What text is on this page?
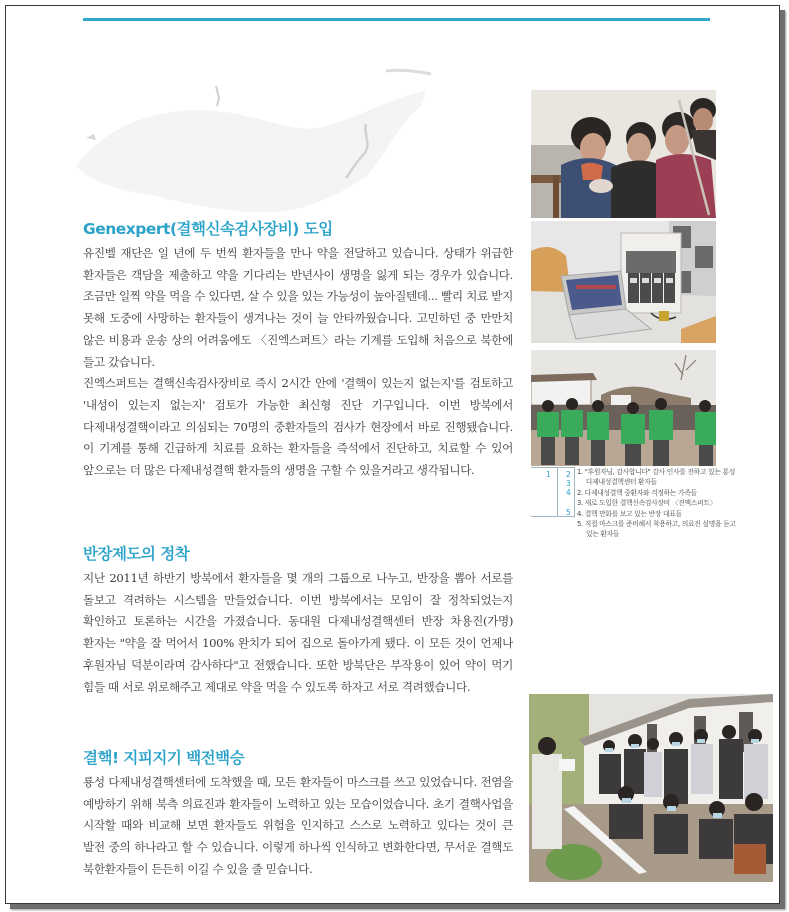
Genexpert(결핵신속검사장비) 도입

유진벨 재단은 일 년에 두 번씩 환자들을 만나 약을 전달하고 있습니다. 상태가 위급한 환자들은 객담을 제출하고 약을 기다리는 반년사이 생명을 잃게 되는 경우가 있습니다. 조금만 일찍 약을 먹을 수 있다면, 살 수 있을 있는 가능성이 높아질텐데... 빨리 치료 받지 못해 도중에 사망하는 환자들이 생겨나는 것이 늘 안타까웠습니다. 고민하던 중 만만치 않은 비용과 운송 상의 어려움에도 〈진엑스퍼트〉라는 기계를 도입해 처음으로 북한에 들고 갔습니다.

진엑스퍼트는 결핵신속검사장비로 즉시 2시간 안에 '결핵이 있는지 없는지'를 검토하고 '내성이 있는지 없는지' 검토가 가능한 최신형 진단 기구입니다. 이번 방북에서 다제내성결핵이라고 의심되는 70명의 중환자들의 검사가 현장에서 바로 진행됐습니다. 이 기계를 통해 긴급하게 치료를 요하는 환자들을 즉석에서 진단하고, 치료할 수 있어 앞으로는 더 많은 다제내성결핵 환자들의 생명을 구할 수 있을거라고 생각됩니다.

반장제도의 정착

지난 2011년 하반기 방북에서 환자들을 몇 개의 그룹으로 나누고, 반장을 뽑아 서로를 돌보고 격려하는 시스템을 만들었습니다. 이번 방북에서는 모임이 잘 정착되었는지 확인하고 토론하는 시간을 가졌습니다. 동대원 다제내성결핵센터 반장 차용진(가명)환자는 "약을 잘 먹어서 100% 완치가 되어 집으로 돌아가게 됐다. 이 모든 것이 언제나 후원자님 덕분이라며 감사하다"고 전했습니다. 또한 방북단은 부작용이 있어 약이 먹기 힘들 때 서로 위로해주고 제대로 약을 먹을 수 있도록 하자고 서로 격려했습니다.

결핵! 지피지기 백전백승

룡성 다제내성결핵센터에 도착했을 때, 모든 환자들이 마스크를 쓰고 있었습니다. 전염을 예방하기 위해 북측 의료진과 환자들이 노력하고 있는 모습이었습니다. 초기 결핵사업을 시작할 때와 비교해 보면 환자들도 위험을 인지하고 스스로 노력하고 있다는 것이 큰 발전 중의 하나라고 할 수 있습니다. 이렇게 하나씩 인식하고 변화한다면, 무서운 결핵도 북한환자들이 든든히 이길 수 있을 줄 믿습니다.

1 2
3
4
5
1. "후원자님, 감사합니다" 감사 인사를 전하고 있는 룡성 다제내성결핵센터 환자들
2. 다제내성결핵 중환자와 걱정하는 가족들
3. 새로 도입한 결핵신속검사장비 〈진엑스퍼트〉
4. 결핵 만화를 보고 있는 반장 대표들
5. 직접 마스크를 준비해서 착용하고, 의료진 설명을 듣고 있는 환자들
